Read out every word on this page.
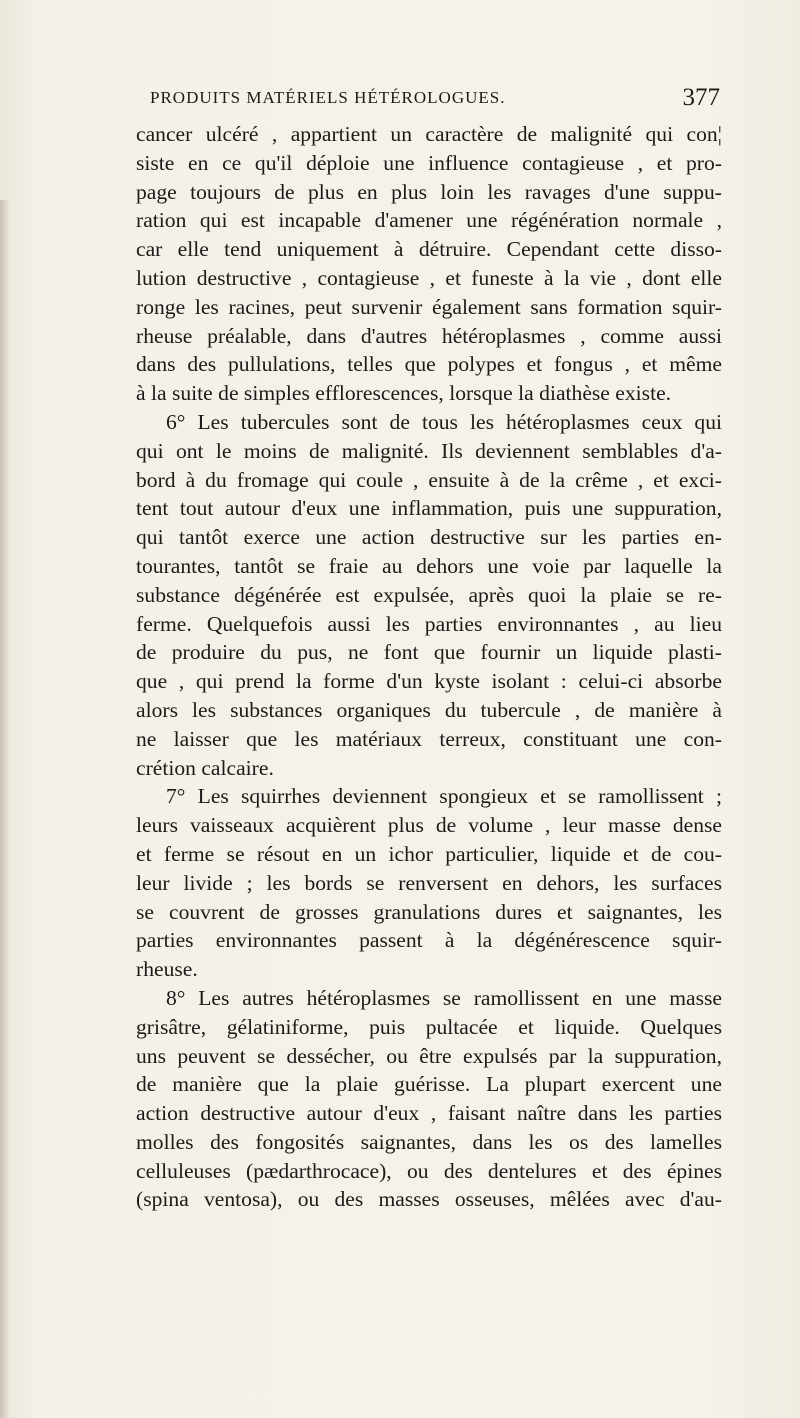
PRODUITS MATÉRIELS HÉTÉROLOGUES.	377
cancer ulcéré , appartient un caractère de malignité qui con¦
siste en ce qu'il déploie une influence contagieuse , et pro-
page toujours de plus en plus loin les ravages d'une suppu-
ration qui est incapable d'amener une régénération normale ,
car elle tend uniquement à détruire. Cependant cette disso-
lution destructive , contagieuse , et funeste à la vie , dont elle
ronge les racines, peut survenir également sans formation squir-
rheuse préalable, dans d'autres hétéroplasmes , comme aussi
dans des pullulations, telles que polypes et fongus , et même
à la suite de simples efflorescences, lorsque la diathèse existe.
6° Les tubercules sont de tous les hétéroplasmes ceux qui
qui ont le moins de malignité. Ils deviennent semblables d'a-
bord à du fromage qui coule , ensuite à de la crême , et exci-
tent tout autour d'eux une inflammation, puis une suppuration,
qui tantôt exerce une action destructive sur les parties en-
tourantes, tantôt se fraie au dehors une voie par laquelle la
substance dégénérée est expulsée, après quoi la plaie se re-
ferme. Quelquefois aussi les parties environnantes , au lieu
de produire du pus, ne font que fournir un liquide plasti-
que , qui prend la forme d'un kyste isolant : celui-ci absorbe
alors les substances organiques du tubercule , de manière à
ne laisser que les matériaux terreux, constituant une con-
crétion calcaire.
7° Les squirrhes deviennent spongieux et se ramollissent ;
leurs vaisseaux acquièrent plus de volume , leur masse dense
et ferme se résout en un ichor particulier, liquide et de cou-
leur livide ; les bords se renversent en dehors, les surfaces
se couvrent de grosses granulations dures et saignantes, les
parties environnantes passent à la dégénérescence squir-
rheuse.
8° Les autres hétéroplasmes se ramollissent en une masse
grisâtre, gélatiniforme, puis pultacée et liquide. Quelques
uns peuvent se dessécher, ou être expulsés par la suppuration,
de manière que la plaie guérisse. La plupart exercent une
action destructive autour d'eux , faisant naître dans les parties
molles des fongosités saignantes, dans les os des lamelles
celluleuses (pædarthrocace), ou des dentelures et des épines
(spina ventosa), ou des masses osseuses, mêlées avec d'au-
